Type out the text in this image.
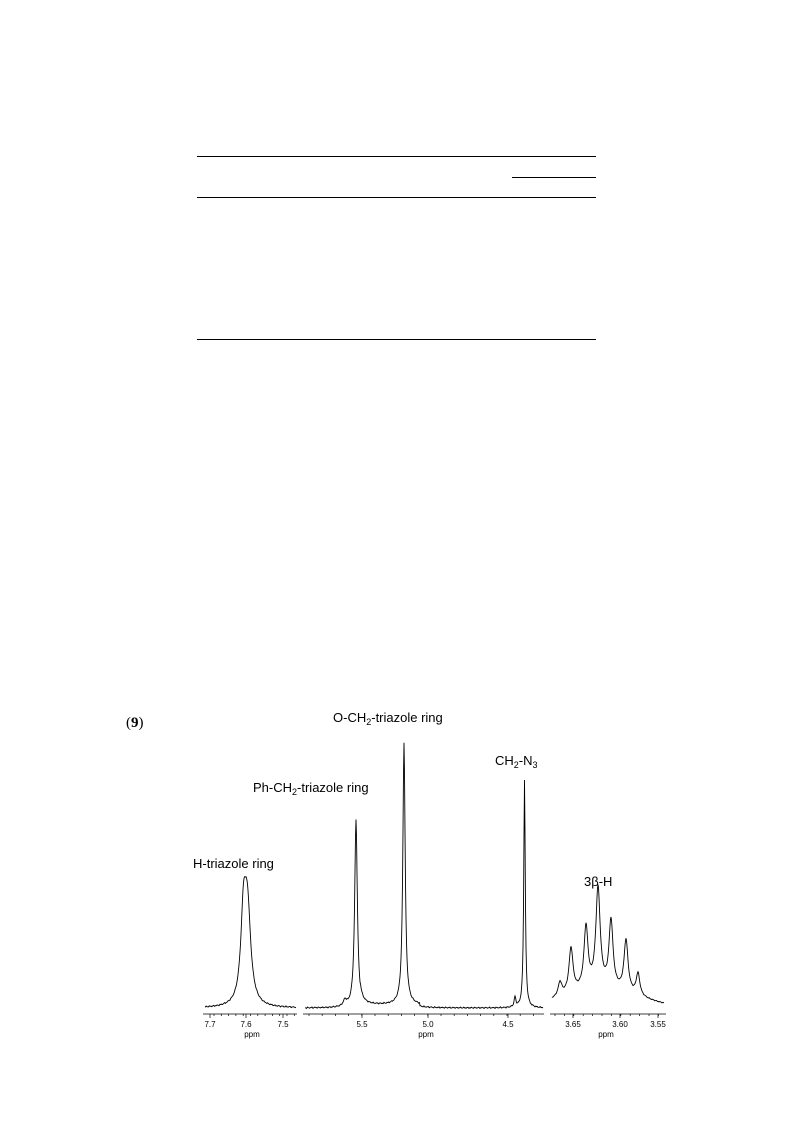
(9)	$O-CH_2$-triazole ring
$CH_2-N_3$
$Ph-CH_2$-triazole ring
H-triazole ring
3β-H
7.7	7.6	7.5
ppm
5.5	5.0	4.5
ppm
3.65	3.60	3.55
ppm
